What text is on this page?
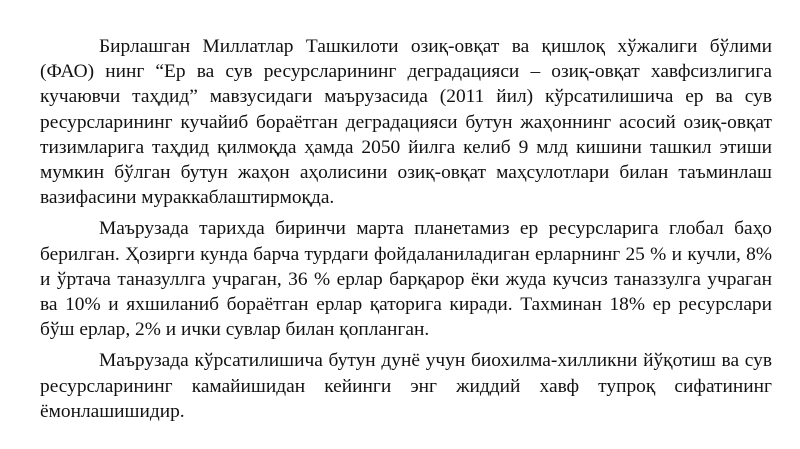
Бирлашган Миллатлар Ташкилоти озиқ-овқат ва қишлоқ хўжалиги бўлими (ФАО) нинг “Ер ва сув ресурсларининг деградацияси – озиқ-овқат хавфсизлигига кучаювчи таҳдид” мавзусидаги маърузасида (2011 йил) кўрсатилишича ер ва сув ресурсларининг кучайиб бораётган деградацияси бутун жаҳоннинг асосий озиқ-овқат тизимларига таҳдид қилмоқда ҳамда 2050 йилга келиб 9 млд кишини ташкил этиши мумкин бўлган бутун жаҳон аҳолисини озиқ-овқат маҳсулотлари билан таъминлаш вазифасини мураккаблаштирмоқда.

Маърузада тарихда биринчи марта планетамиз ер ресурсларига глобал баҳо берилган. Ҳозирги кунда барча турдаги фойдаланиладиган ерларнинг 25 % и кучли, 8% и ўртача таназуллга учраган, 36 % ерлар барқарор ёки жуда кучсиз таназзулга учраган ва 10% и яхшиланиб бораётган ерлар қаторига киради. Тахминан 18% ер ресурслари бўш ерлар, 2% и ички сувлар билан қопланган.

Маърузада кўрсатилишича бутун дунё учун биохилма-хилликни йўқотиш ва сув ресурсларининг камайишидан кейинги энг жиддий хавф тупроқ сифатининг ёмонлашишидир.
